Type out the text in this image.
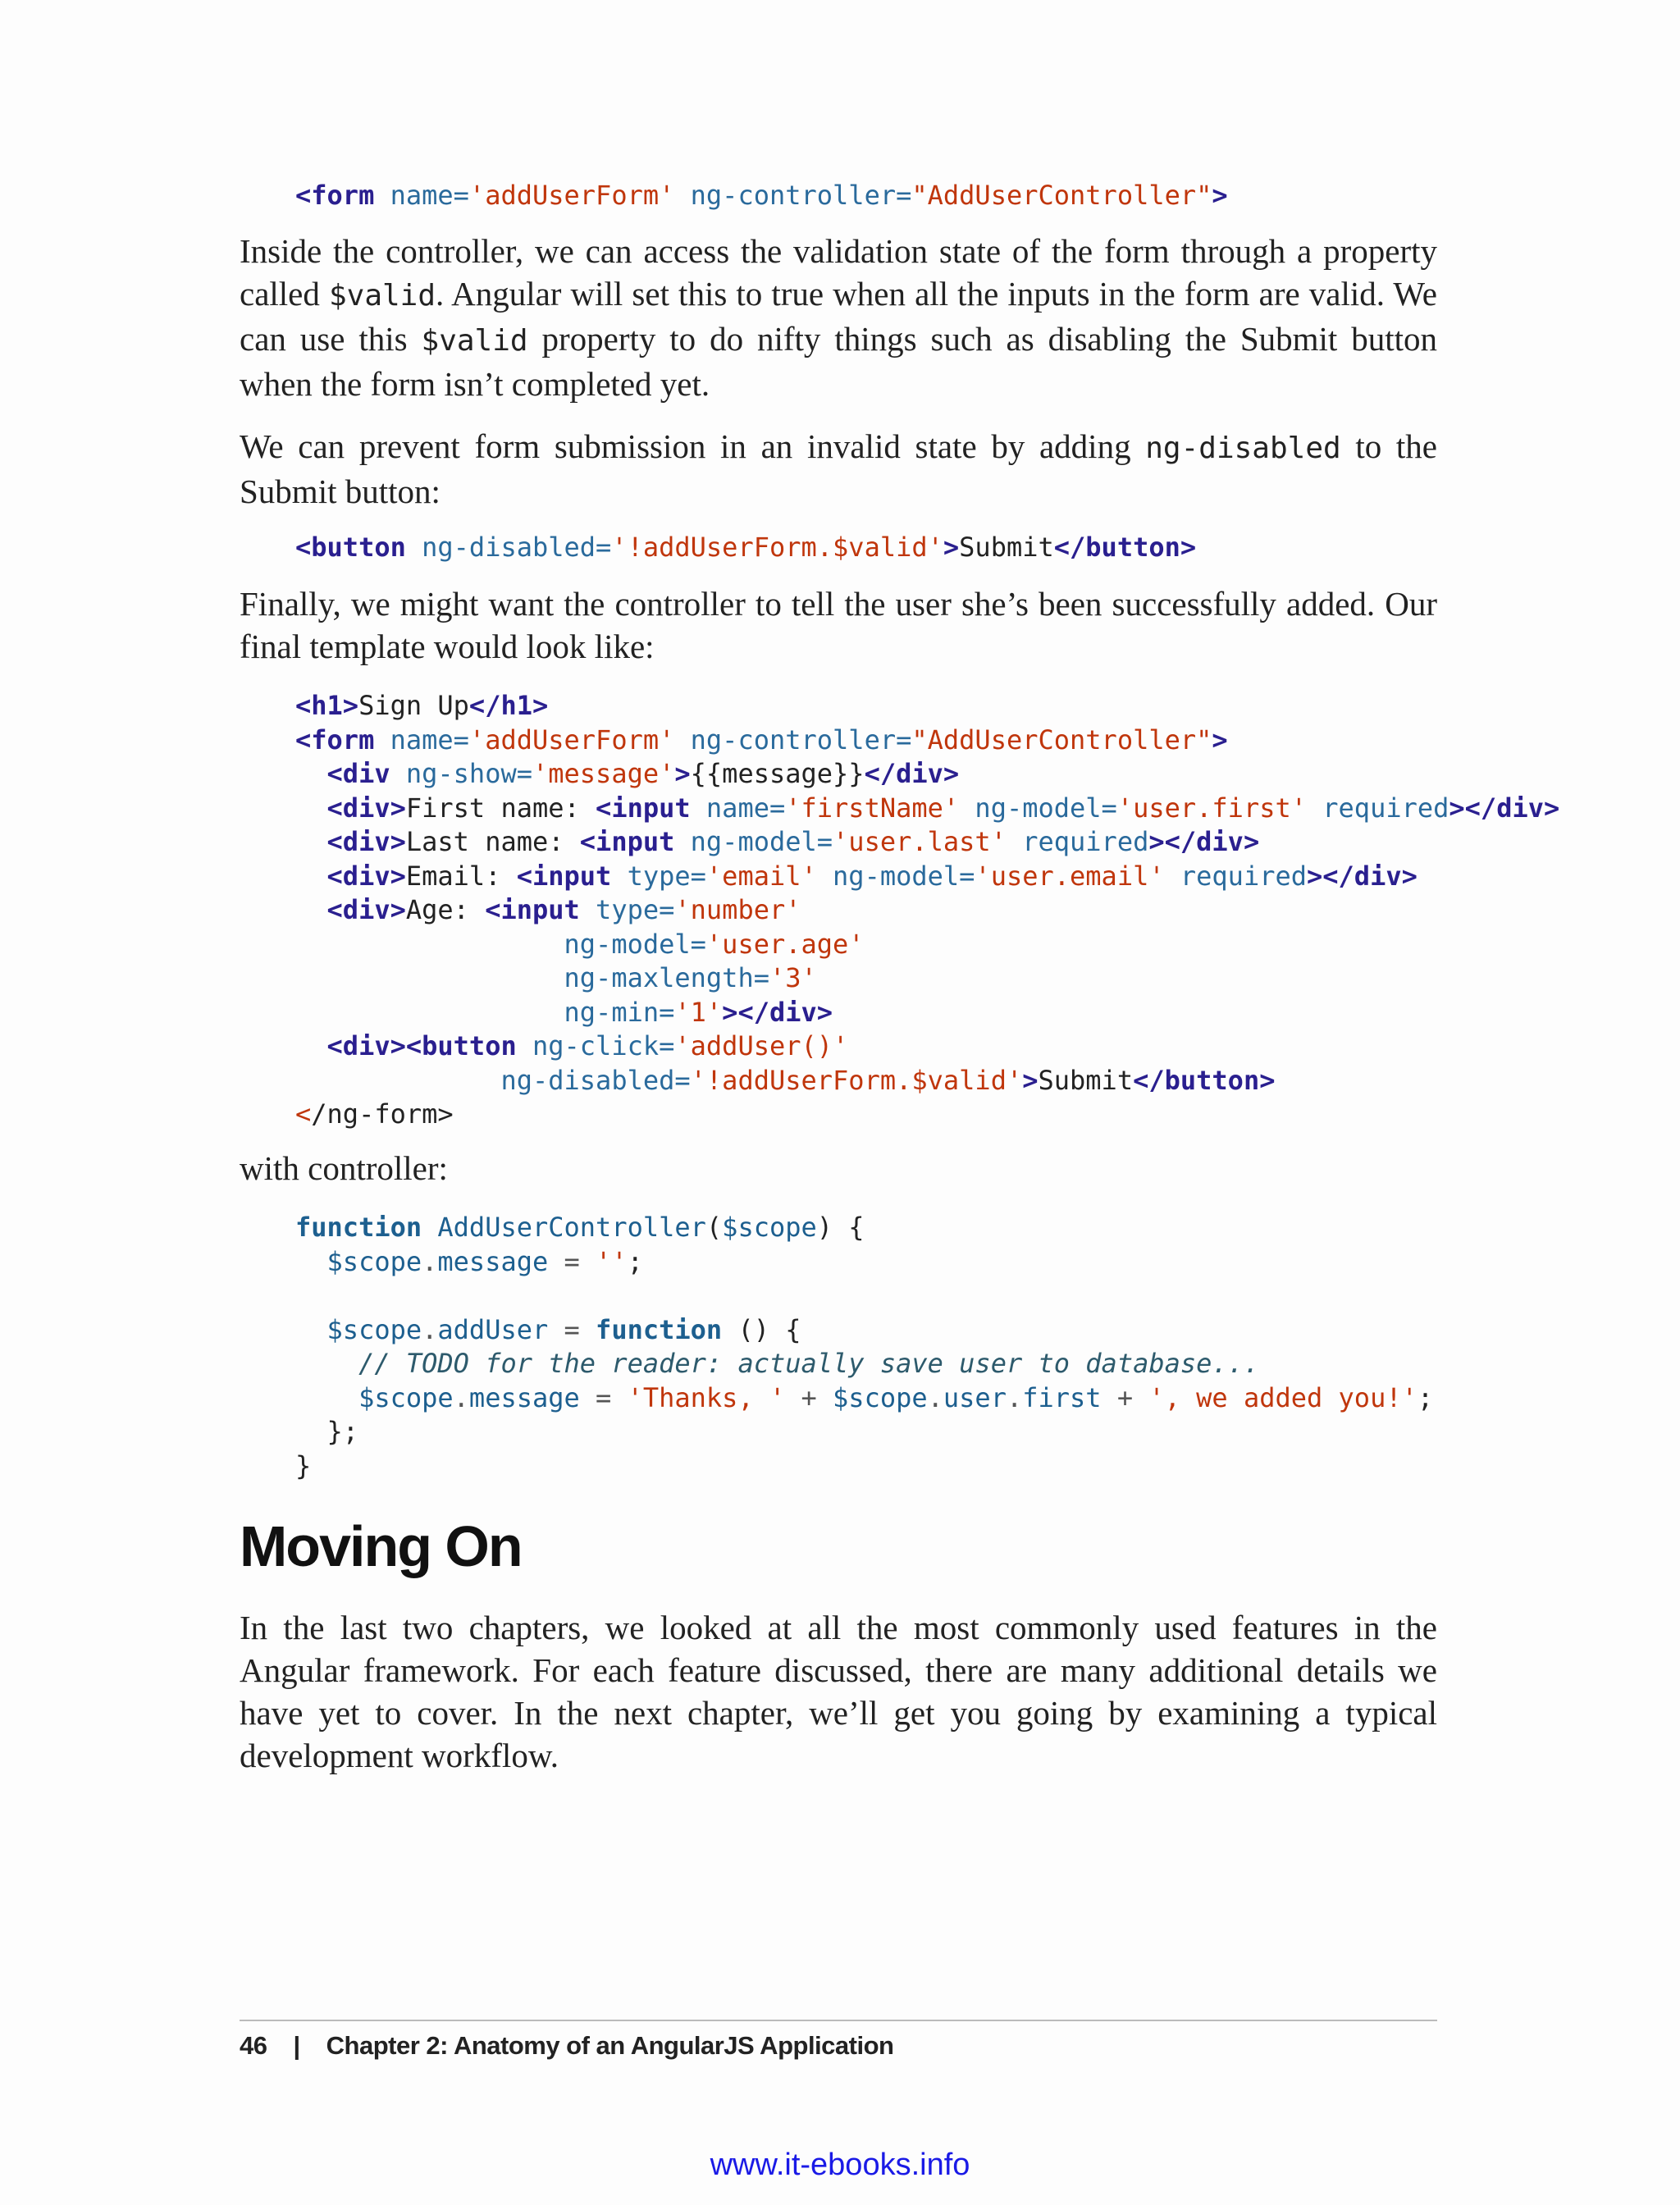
<form name='addUserForm' ng-controller="AddUserController">

Inside the controller, we can access the validation state of the form through a property called $valid. Angular will set this to true when all the inputs in the form are valid. We can use this $valid property to do nifty things such as disabling the Submit button when the form isn’t completed yet.

We can prevent form submission in an invalid state by adding ng-disabled to the Submit button:

<button ng-disabled='!addUserForm.$valid'>Submit</button>

Finally, we might want the controller to tell the user she’s been successfully added. Our final template would look like:

<h1>Sign Up</h1>
<form name='addUserForm' ng-controller="AddUserController">
<div ng-show='message'>{{message}}</div>
<div>First name: <input name='firstName' ng-model='user.first' required></div>
<div>Last name: <input ng-model='user.last' required></div>
<div>Email: <input type='email' ng-model='user.email' required></div>
<div>Age: <input type='number'
ng-model='user.age'
ng-maxlength='3'
ng-min='1'></div>
<div><button ng-click='addUser()'
ng-disabled='!addUserForm.$valid'>Submit</button>
</ng-form>

with controller:

function AddUserController($scope) {
$scope.message = '';

$scope.addUser = function () {
// TODO for the reader: actually save user to database...
$scope.message = 'Thanks, ' + $scope.user.first + ', we added you!';
};
}
Moving On

In the last two chapters, we looked at all the most commonly used features in the Angular framework. For each feature discussed, there are many additional details we have yet to cover. In the next chapter, we’ll get you going by examining a typical development workflow.

46 | Chapter 2: Anatomy of an AngularJS Application
www.it-ebooks.info
